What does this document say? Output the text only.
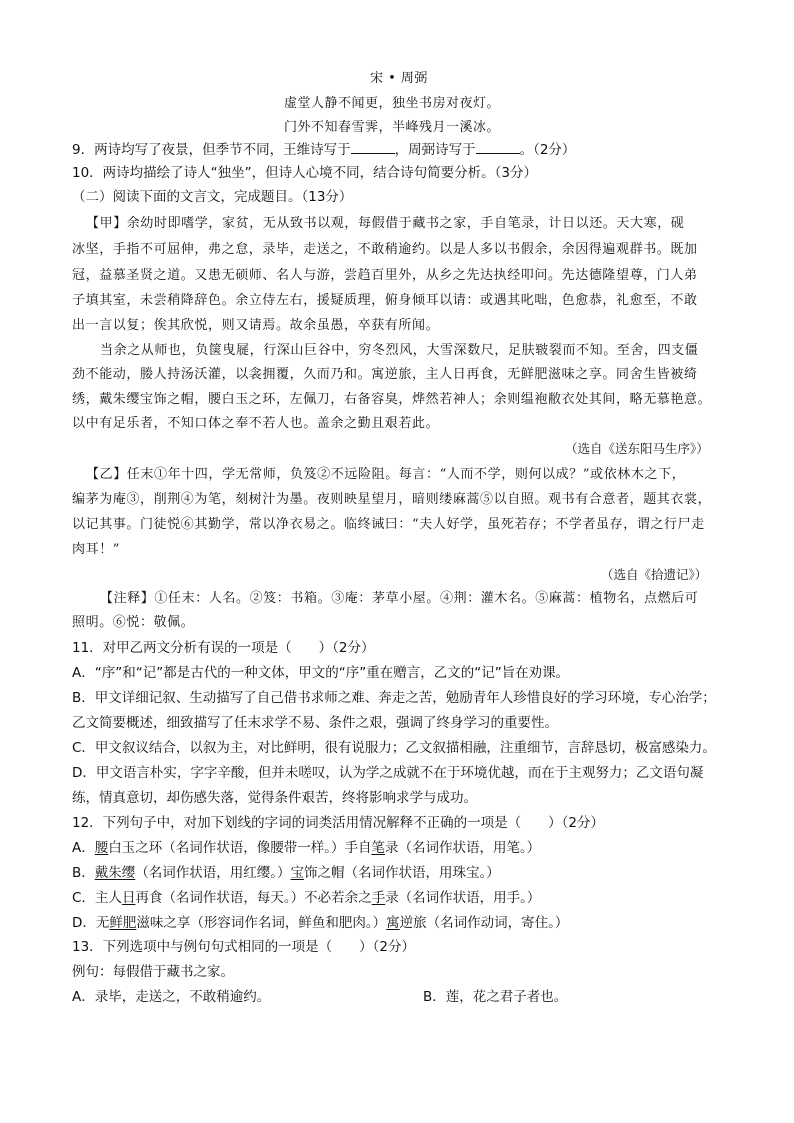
宋 • 周弼
虚堂人静不闻更，独坐书房对夜灯。
门外不知春雪霁，半峰残月一溪冰。
9．两诗均写了夜景，但季节不同，王维诗写于	，周弼诗写于	。（2分）
10．两诗均描绘了诗人“独坐”，但诗人心境不同，结合诗句简要分析。（3分）
（二）阅读下面的文言文，完成题目。（13分）
【甲】余幼时即嗜学，家贫，无从致书以观，每假借于藏书之家，手自笔录，计日以还。天大寒，砚
冰坚，手指不可屈伸，弗之怠，录毕，走送之，不敢稍逾约。以是人多以书假余，余因得遍观群书。既加
冠，益慕圣贤之道。又患无硕师、名人与游，尝趋百里外，从乡之先达执经叩问。先达德隆望尊，门人弟
子填其室，未尝稍降辞色。余立侍左右，援疑质理，俯身倾耳以请：或遇其叱咄，色愈恭，礼愈至，不敢
出一言以复；俟其欣悦，则又请焉。故余虽愚，卒获有所闻。
当余之从师也，负箧曳屣，行深山巨谷中，穷冬烈风，大雪深数尺，足肤皲裂而不知。至舍，四支僵
劲不能动，媵人持汤沃灌，以衾拥覆，久而乃和。寓逆旅，主人日再食，无鲜肥滋味之享。同舍生皆被绮
绣，戴朱缨宝饰之帽，腰白玉之环，左佩刀，右备容臭，烨然若神人；余则缊袍敝衣处其间，略无慕艳意。
以中有足乐者，不知口体之奉不若人也。盖余之勤且艰若此。
（选自《送东阳马生序》）
【乙】任末①年十四，学无常师，负笈②不远险阻。每言：“人而不学，则何以成？”或依林木之下，
编茅为庵③，削荆④为笔，刻树汁为墨。夜则映星望月，暗则缕麻蒿⑤以自照。观书有合意者，题其衣裳，
以记其事。门徒悦⑥其勤学，常以净衣易之。临终诫曰：“夫人好学，虽死若存；不学者虽存，谓之行尸走
肉耳！”
（选自《拾遗记》）
【注释】①任末：人名。②笈：书箱。③庵：茅草小屋。④荆：灌木名。⑤麻蒿：植物名，点燃后可
照明。⑥悦：敬佩。
11．对甲乙两文分析有误的一项是（　　）（2分）
A．“序”和“记”都是古代的一种文体，甲文的“序”重在赠言，乙文的“记”旨在劝课。
B．甲文详细记叙、生动描写了自己借书求师之难、奔走之苦，勉励青年人珍惜良好的学习环境，专心治学；
乙文简要概述，细致描写了任末求学不易、条件之艰，强调了终身学习的重要性。
C．甲文叙议结合，以叙为主，对比鲜明，很有说服力；乙文叙描相融，注重细节，言辞恳切，极富感染力。
D．甲文语言朴实，字字辛酸，但并未嗟叹，认为学之成就不在于环境优越，而在于主观努力；乙文语句凝
练，情真意切，却伤感失落，觉得条件艰苦，终将影响求学与成功。
12．下列句子中，对加下划线的字词的词类活用情况解释不正确的一项是（　　）（2分）
A．腰白玉之环（名词作状语，像腰带一样。）手自笔录（名词作状语，用笔。）
B．戴朱缨（名词作状语，用红缨。）宝饰之帽（名词作状语，用珠宝。）
C．主人日再食（名词作状语，每天。）不必若余之手录（名词作状语，用手。）
D．无鲜肥滋味之享（形容词作名词，鲜鱼和肥肉。）寓逆旅（名词作动词，寄住。）
13．下列选项中与例句句式相同的一项是（　　）（2分）
例句：每假借于藏书之家。
A．录毕，走送之，不敢稍逾约。	B．莲，花之君子者也。
